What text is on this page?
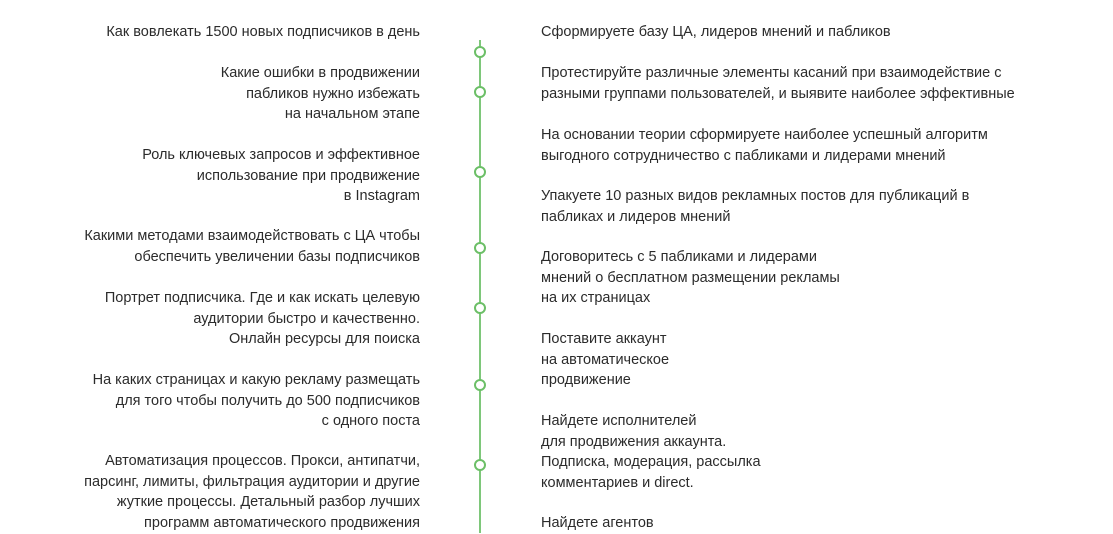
Как вовлекать 1500 новых подписчиков в день
Какие ошибки в продвижении
пабликов нужно избежать
на начальном этапе
Роль ключевых запросов и эффективное
использование при продвижение
в Instagram
Какими методами взаимодействовать с ЦА чтобы
обеспечить увеличении базы подписчиков
Портрет подписчика. Где и как искать целевую
аудитории быстро и качественно.
Онлайн ресурсы для поиска
На каких страницах и какую рекламу размещать
для того чтобы получить до 500 подписчиков
с одного поста
Автоматизация процессов. Прокси, антипатчи,
парсинг, лимиты, фильтрация аудитории и другие
жуткие процессы. Детальный разбор лучших
программ автоматического продвижения
Сформируете базу ЦА, лидеров мнений и пабликов
Протестируйте различные элементы касаний при взаимодействие с
разными группами пользователей, и выявите наиболее эффективные
На основании теории сформируете наиболее успешный алгоритм
выгодного сотрудничество с пабликами и лидерами мнений
Упакуете 10 разных видов рекламных постов для публикаций в
пабликах и лидеров мнений
Договоритесь с 5 пабликами и лидерами
мнений о бесплатном размещении рекламы
на их страницах
Поставите аккаунт
на автоматическое
продвижение
Найдете исполнителей
для продвижения аккаунта.
Подписка, модерация, рассылка
комментариев и direct.
Найдете агентов
